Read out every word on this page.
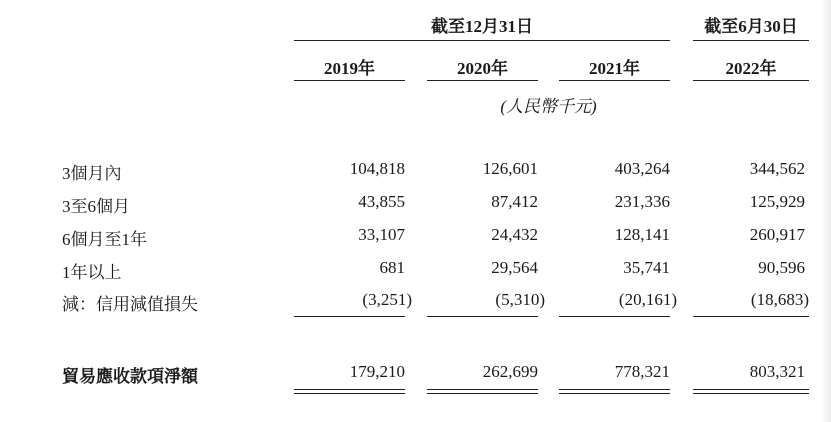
截至12月31日	截至6月30日
2019年	2020年	2021年	2022年
(人民幣千元)
3個月內	104,818	126,601	403,264	344,562
3至6個月	43,855	87,412	231,336	125,929
6個月至1年	33,107	24,432	128,141	260,917
1年以上	681	29,564	35,741	90,596
減：信用減值損失	(3,251)	(5,310)	(20,161)	(18,683)
貿易應收款項淨額	179,210	262,699	778,321	803,321
